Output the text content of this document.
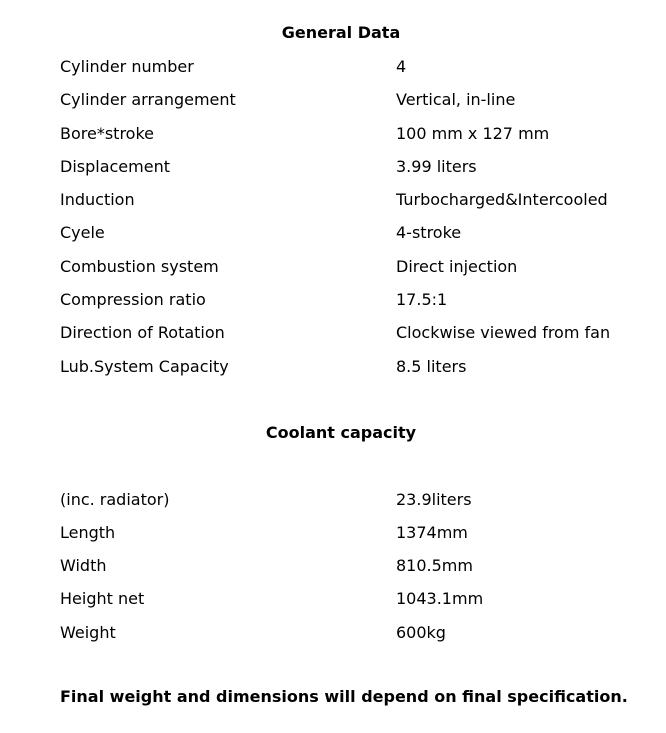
General Data
Cylinder number	4
Cylinder arrangement	Vertical, in-line
Bore*stroke	100 mm x 127 mm
Displacement	3.99 liters
Induction	Turbocharged&Intercooled
Cyele	4-stroke
Combustion system	Direct injection
Compression ratio	17.5:1
Direction of Rotation	Clockwise viewed from fan
Lub.System Capacity	8.5 liters
Coolant capacity
(inc. radiator)	23.9liters
Length	1374mm
Width	810.5mm
Height net	1043.1mm
Weight	600kg
Final weight and dimensions will depend on final specification.
